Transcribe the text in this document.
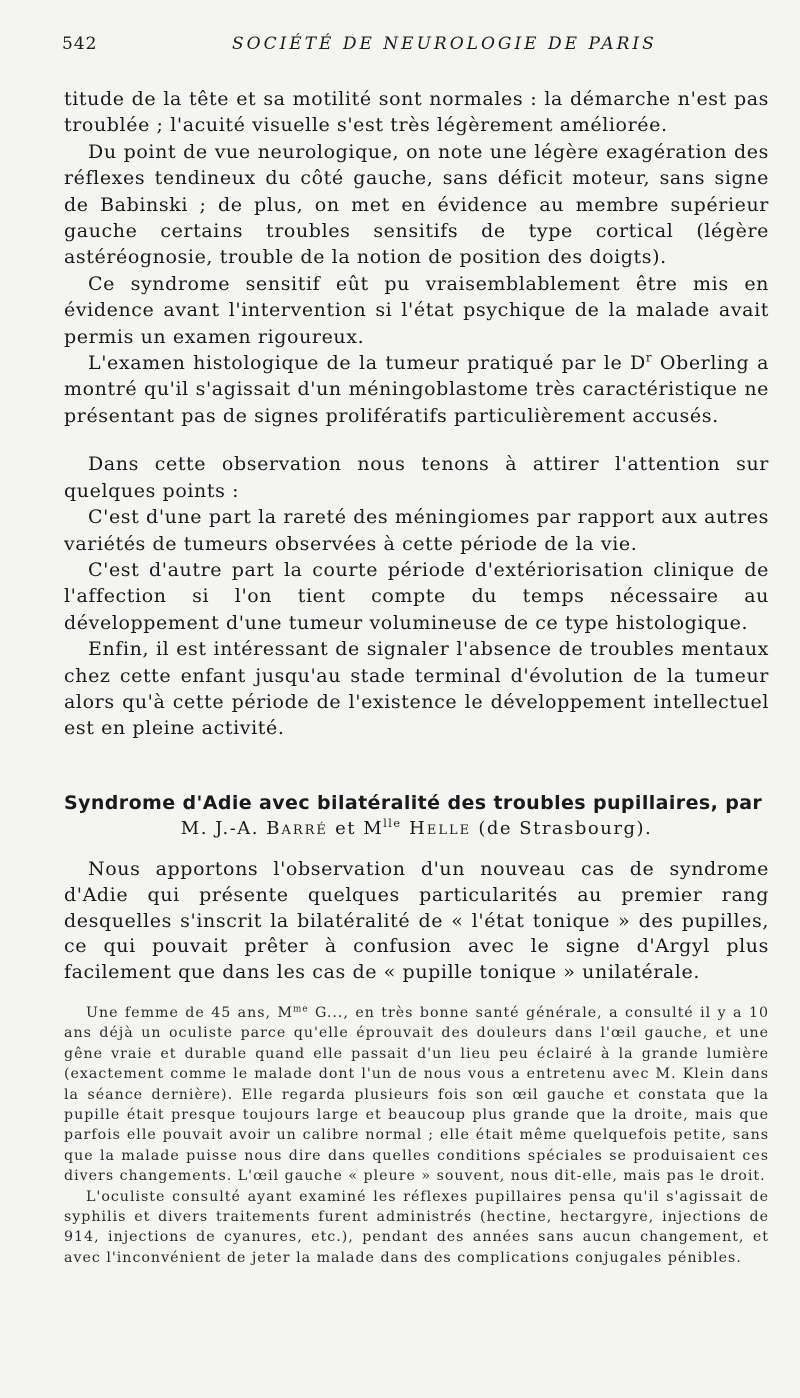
542	SOCIÉTÉ DE NEUROLOGIE DE PARIS

titude de la tête et sa motilité sont normales : la démarche n'est pas troublée ; l'acuité visuelle s'est très légèrement améliorée.

Du point de vue neurologique, on note une légère exagération des réflexes tendineux du côté gauche, sans déficit moteur, sans signe de Babinski ; de plus, on met en évidence au membre supérieur gauche certains troubles sensitifs de type cortical (légère astéréognosie, trouble de la notion de position des doigts).

Ce syndrome sensitif eût pu vraisemblablement être mis en évidence avant l'intervention si l'état psychique de la malade avait permis un examen rigoureux.

L'examen histologique de la tumeur pratiqué par le $D^r$ Oberling a montré qu'il s'agissait d'un méningoblastome très caractéristique ne présentant pas de signes prolifératifs particulièrement accusés.

Dans cette observation nous tenons à attirer l'attention sur quelques points :

C'est d'une part la rareté des méningiomes par rapport aux autres variétés de tumeurs observées à cette période de la vie.

C'est d'autre part la courte période d'extériorisation clinique de l'affection si l'on tient compte du temps nécessaire au développement d'une tumeur volumineuse de ce type histologique.

Enfin, il est intéressant de signaler l'absence de troubles mentaux chez cette enfant jusqu'au stade terminal d'évolution de la tumeur alors qu'à cette période de l'existence le développement intellectuel est en pleine activité.

Syndrome d'Adie avec bilatéralité des troubles pupillaires, par
M. J.-A. Barré et $M^{lle}$ Helle (de Strasbourg).

Nous apportons l'observation d'un nouveau cas de syndrome d'Adie qui présente quelques particularités au premier rang desquelles s'inscrit la bilatéralité de « l'état tonique » des pupilles, ce qui pouvait prêter à confusion avec le signe d'Argyl plus facilement que dans les cas de « pupille tonique » unilatérale.

Une femme de 45 ans, $M^{me}$ G..., en très bonne santé générale, a consulté il y a 10 ans déjà un oculiste parce qu'elle éprouvait des douleurs dans l'œil gauche, et une gêne vraie et durable quand elle passait d'un lieu peu éclairé à la grande lumière (exactement comme le malade dont l'un de nous vous a entretenu avec M. Klein dans la séance dernière). Elle regarda plusieurs fois son œil gauche et constata que la pupille était presque toujours large et beaucoup plus grande que la droite, mais que parfois elle pouvait avoir un calibre normal ; elle était même quelquefois petite, sans que la malade puisse nous dire dans quelles conditions spéciales se produisaient ces divers changements. L'œil gauche « pleure » souvent, nous dit-elle, mais pas le droit.

L'oculiste consulté ayant examiné les réflexes pupillaires pensa qu'il s'agissait de syphilis et divers traitements furent administrés (hectine, hectargyre, injections de 914, injections de cyanures, etc.), pendant des années sans aucun changement, et avec l'inconvénient de jeter la malade dans des complications conjugales pénibles.
